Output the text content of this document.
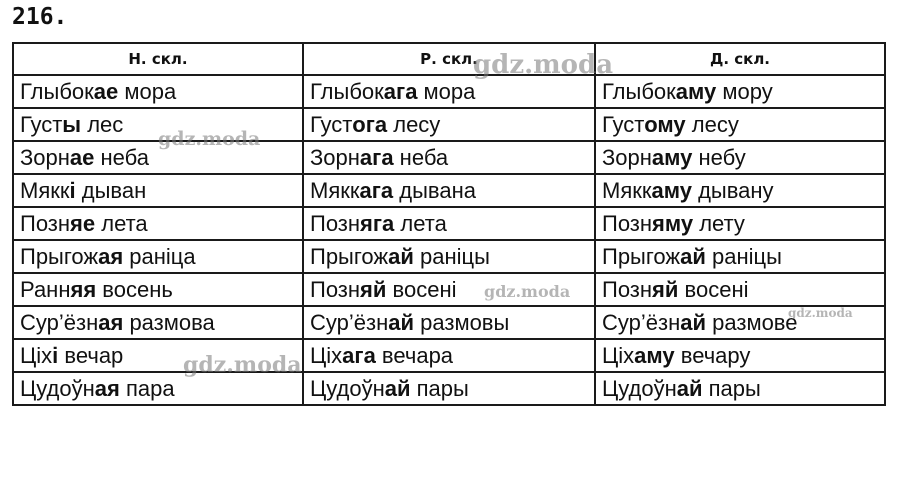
216.
Н. скл.	Р. скл.	Д. скл.
Глыбокае мора	Глыбокага мора	Глыбокаму мору
Густы лес	Густога лесу	Густому лесу
Зорнае неба	Зорнага неба	Зорнаму небу
Мяккі дыван	Мяккага дывана	Мяккаму дывану
Позняе лета	Позняга лета	Позняму лету
Прыгожая раніца	Прыгожай раніцы	Прыгожай раніцы
Ранняя восень	Позняй восені	Позняй восені
Сур’ёзная размова	Сур’ёзнай размовы	Сур’ёзнай размове
Ціхі вечар	Ціхага вечара	Ціхаму вечару
Цудоўная пара	Цудоўнай пары	Цудоўнай пары
gdz.moda
gdz.moda
gdz.moda
gdz.moda
gdz.moda
